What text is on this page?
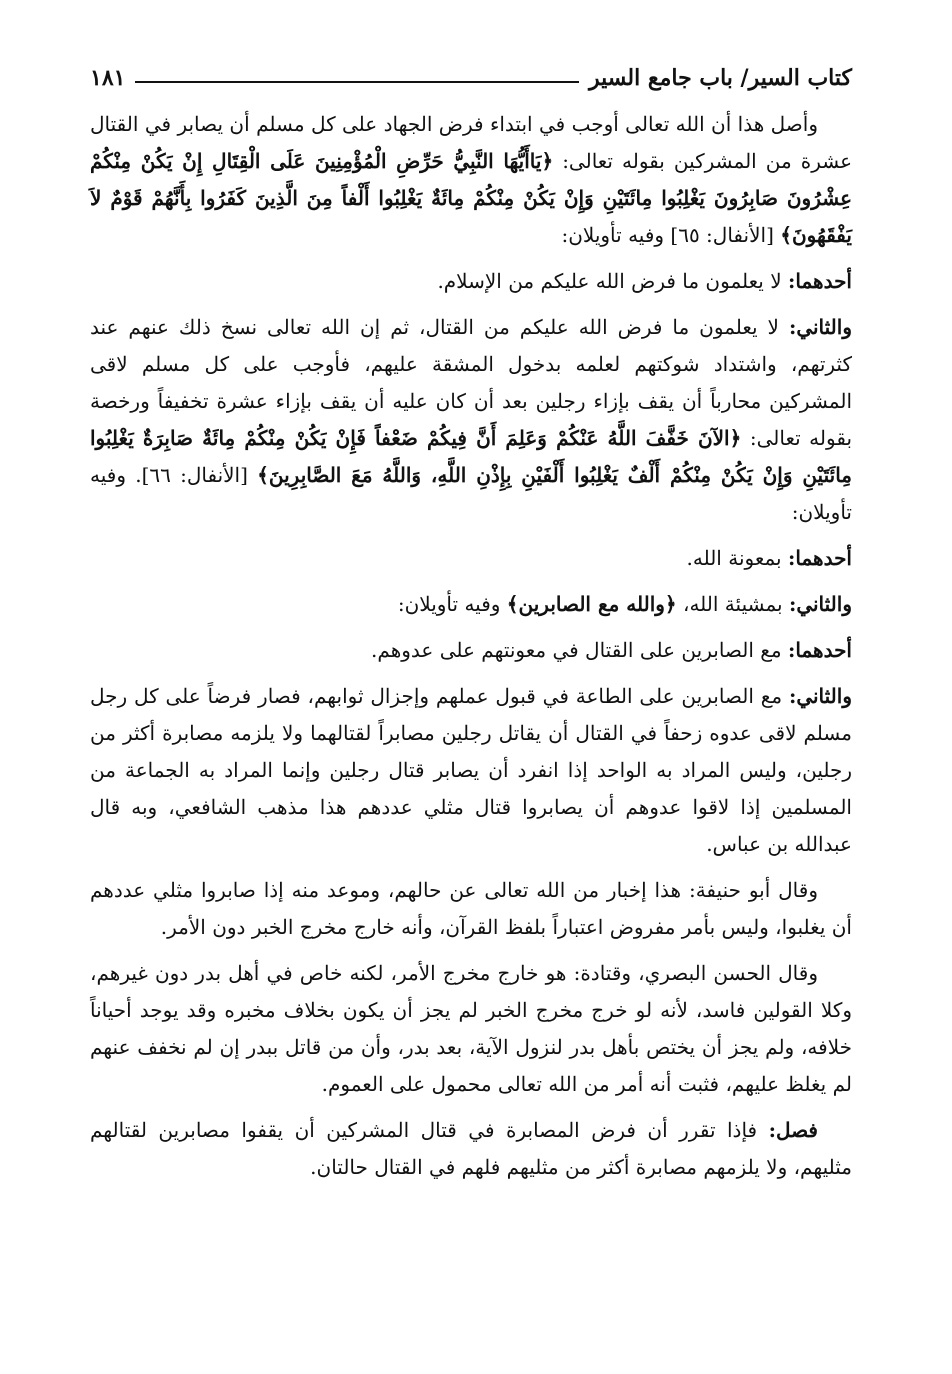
كتاب السير/ باب جامع السير
١٨١

وأصل هذا أن الله تعالى أوجب في ابتداء فرض الجهاد على كل مسلم أن يصابر في القتال عشرة من المشركين بقوله تعالى: ﴿يَاأَيُّهَا النَّبِيُّ حَرِّضِ الْمُؤْمِنِينَ عَلَى الْقِتَالِ إِنْ يَكُنْ مِنْكُمْ عِشْرُونَ صَابِرُونَ يَغْلِبُوا مِائَتَيْنِ وَإِنْ يَكُنْ مِنْكُمْ مِائَةٌ يَغْلِبُوا أَلْفاً مِنَ الَّذِينَ كَفَرُوا بِأَنَّهُمْ قَوْمٌ لاَ يَفْقَهُونَ﴾ [الأنفال: ٦٥] وفيه تأويلان:

أحدهما: لا يعلمون ما فرض الله عليكم من الإسلام.

والثاني: لا يعلمون ما فرض الله عليكم من القتال، ثم إن الله تعالى نسخ ذلك عنهم عند كثرتهم، واشتداد شوكتهم لعلمه بدخول المشقة عليهم، فأوجب على كل مسلم لاقى المشركين محارباً أن يقف بإزاء رجلين بعد أن كان عليه أن يقف بإزاء عشرة تخفيفاً ورخصة بقوله تعالى: ﴿الآنَ خَفَّفَ اللَّهُ عَنْكُمْ وَعَلِمَ أَنَّ فِيكُمْ ضَعْفاً فَإِنْ يَكُنْ مِنْكُمْ مِائَةٌ صَابِرَةٌ يَغْلِبُوا مِائَتَيْنِ وَإِنْ يَكُنْ مِنْكُمْ أَلْفٌ يَغْلِبُوا أَلْفَيْنِ بِإِذْنِ اللَّهِ، وَاللَّهُ مَعَ الصَّابِرِينَ﴾ [الأنفال: ٦٦]. وفيه تأويلان:

أحدهما: بمعونة الله.

والثاني: بمشيئة الله، ﴿والله مع الصابرين﴾ وفيه تأويلان:

أحدهما: مع الصابرين على القتال في معونتهم على عدوهم.

والثاني: مع الصابرين على الطاعة في قبول عملهم وإجزال ثوابهم، فصار فرضاً على كل رجل مسلم لاقى عدوه زحفاً في القتال أن يقاتل رجلين مصابراً لقتالهما ولا يلزمه مصابرة أكثر من رجلين، وليس المراد به الواحد إذا انفرد أن يصابر قتال رجلين وإنما المراد به الجماعة من المسلمين إذا لاقوا عدوهم أن يصابروا قتال مثلي عددهم هذا مذهب الشافعي، وبه قال عبدالله بن عباس.

وقال أبو حنيفة: هذا إخبار من الله تعالى عن حالهم، وموعد منه إذا صابروا مثلي عددهم أن يغلبوا، وليس بأمر مفروض اعتباراً بلفظ القرآن، وأنه خارج مخرج الخبر دون الأمر.

وقال الحسن البصري، وقتادة: هو خارج مخرج الأمر، لكنه خاص في أهل بدر دون غيرهم، وكلا القولين فاسد، لأنه لو خرج مخرج الخبر لم يجز أن يكون بخلاف مخبره وقد يوجد أحياناً خلافه، ولم يجز أن يختص بأهل بدر لنزول الآية، بعد بدر، وأن من قاتل ببدر إن لم نخفف عنهم لم يغلظ عليهم، فثبت أنه أمر من الله تعالى محمول على العموم.

فصل: فإذا تقرر أن فرض المصابرة في قتال المشركين أن يقفوا مصابرين لقتالهم مثليهم، ولا يلزمهم مصابرة أكثر من مثليهم فلهم في القتال حالتان.
